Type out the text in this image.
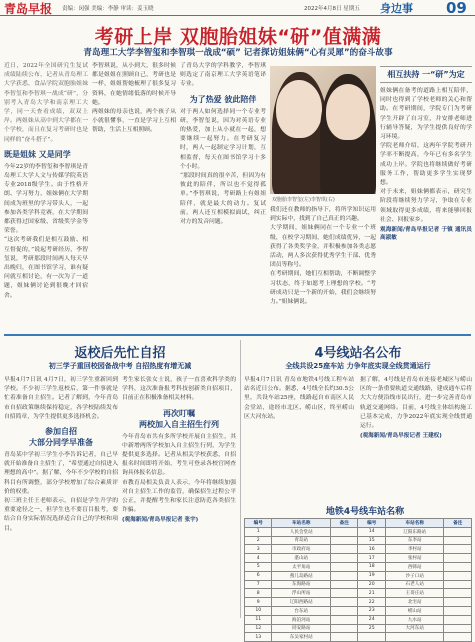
青岛早报 责编：闵强 美编：李静 审读：姜玉晓	2022年4月8日 星期五 身边事 09
考研上岸 双胞胎姐妹“研”值满满
青岛理工大学李智玺和李智琪一战成“硕” 记者探访姐妹俩“心有灵犀”的奋斗故事

近日，2022年全国研究生复试成绩陆续公布，记者从青岛理工大学获悉，食品学院双胞胎姐妹李智玺和李智琪一战成“研”，分别考入青岛大学和南京理工大学，同一天查看成绩，双双上岸。两姐妹从高中到大学都在一个学校，而且在复习考研时也是同样的“奋斗搭子”。

既是姐妹 又是同学

今年22岁的李智玺和李智琪是青岛理工大学人文与传媒学院英语专业2018级学生。由于性格开朗、学习努力，姐妹俩在大学期间成为班里的学习带头人，一起参加各类学科竞赛，在大学期间都获得过国家级、省级奖学金等荣誉。

“这次考研我们是相互鼓励、相互督促的，”说起考研经历，李智玺说，考研那段时间两人每天早出晚归，在图书馆学习，谁有疑问就互相讨论，有一次为了一道题，姐妹俩讨论到很晚才回宿舍。

李智琪说，从小到大，很多时候都是姐姐在照顾自己，考研也是一样，姐姐帮她梳理了很多复习资料，在她情绪低落的时候开导她。

两姐妹的母亲也说，两个孩子从小就很懂事，一直是学习上互相帮助，生活上互相照顾。

了青岛大学的学科教学，李智琪则选定了南京理工大学英语笔译专业。

为了热爱 彼此陪伴

对于两人如何选择同一个专业考研，李智玺说，因为对英语专业的热爱，加上从小就在一起，想要继续一起努力。在考研复习时，两人一起制定学习计划，互相监督，每天在图书馆学习十多个小时。

“那段时间真的很辛苦，但因为有彼此的陪伴，所以也不觉得孤单。”李智琪说，考研路上有姐姐陪伴，就是最大的动力。复试前，两人还互相模拟面试，纠正对方的发音问题。

双胞胎李智玺(左)李智琪(右)

我们还在教师的指导下，将所学知识运用到实际中，找到了自己真正的兴趣。

大学期间，姐妹俩同在一个专业一个班级，在校学习期间，她们成绩优异，一起获得了各类奖学金，并积极参加各类志愿活动，两人多次获得优秀学生干部、优秀团员等称号。

在考研期间，她们互相帮助，不断调整学习状态，终于如愿考上理想的学校。“考研成功只是一个新的开始，我们会继续努力。”姐妹俩说。

相互扶持 一“研”为定

姐妹俩在备考的道路上相互陪伴，同时也得到了学校老师的关心和帮助。在考研期间，学院专门为考研学生开辟了自习室，并安排老师进行辅导答疑，为学生提供良好的学习环境。

学院老师介绍，这两年学院考研升学率不断提高，今年已有多名学生成功上岸。学院也将继续做好考研服务工作，帮助更多学生实现梦想。

对于未来，姐妹俩都表示，研究生阶段将继续努力学习，争取在专业领域取得更多成绩，将来能够回报社会、回报家乡。

观海新闻/青岛早报记者 于镇 通讯员 高淑敏

返校后先忙自招
初三学子重回校园备战中考 自招热度有增无减

早报4月7日讯 4月7日，初三学生重新回到学校。不少初三学生返校后，第一件事就是忙着准备自主招生。记者了解到，今年青岛市自招政策继续保持稳定，各学校陆续发布自招简章，为学生提供更多选择机会。

参加自招
大部分同学早准备

青岛某中学初三学生小李告诉记者，自己早就开始准备自主招生了，“希望通过自招进入理想的高中”。据了解，今年不少学校的自招科目有所调整，部分学校增加了综合素质评价的权重。

初三班主任王老师表示，自招是学生升学的重要途径之一，但学生也不要盲目报考，要结合自身实际情况选择适合自己的学校和项目。

考生家长张女士说，孩子一直喜欢科学类的学科，这次准备报考科技创新类自招项目，目前正在积极准备相关材料。

再次叮嘱
两校加入自主招生行列

今年青岛市共有多所学校开展自主招生，其中新增两所学校加入自主招生行列，为学生提供更多选择。记者从相关学校获悉，自招报名时间即将开始，考生可登录各校官网查询具体报名信息。

市教育局相关负责人表示，今年将继续加强对自主招生工作的监管，确保招生过程公平公正，并提醒考生和家长注意防范各类招生诈骗。

(观海新闻/青岛早报记者 张宇)

4号线站名公布
全线共设25座车站 力争年底实现全线贯通运行

早报4月7日讯 青岛市地铁4号线工程车站站名近日公布。据悉，4号线全长约30.5公里，共设车站25座，线路起自市南区人民会堂站，途经市北区、崂山区，终至崂山区大河东站。

据了解，4号线是青岛市连接老城区与崂山区的一条重要轨道交通线路，建成通车后将大大方便沿线市民出行，进一步完善青岛市轨道交通网络。目前，4号线主体结构施工已基本完成，力争2022年底实现全线贯通运行。

(观海新闻/青岛早报记者 王建权)

地铁4号线车站名称
编号	车站名称	备注	编号	车站名称	备注
1	人民会堂站		14	辽阳东路站	
2	青岛站		15	东李站	
3	市政府站		16	李村站	
4	湛山站		17	张村站	
5	太平角站		18	西韩站	
6	燕儿岛路站		19	沙子口站	
7	东海路站		20	石老人站	
8	浮山所站		21	王哥庄站	
9	辽阳西路站		22	北宅站	
10	台东站		23	崂山站	
11	海泊河站		24	九水站	
12	同安路站		25	大河东站	
13	东吴家村站				
